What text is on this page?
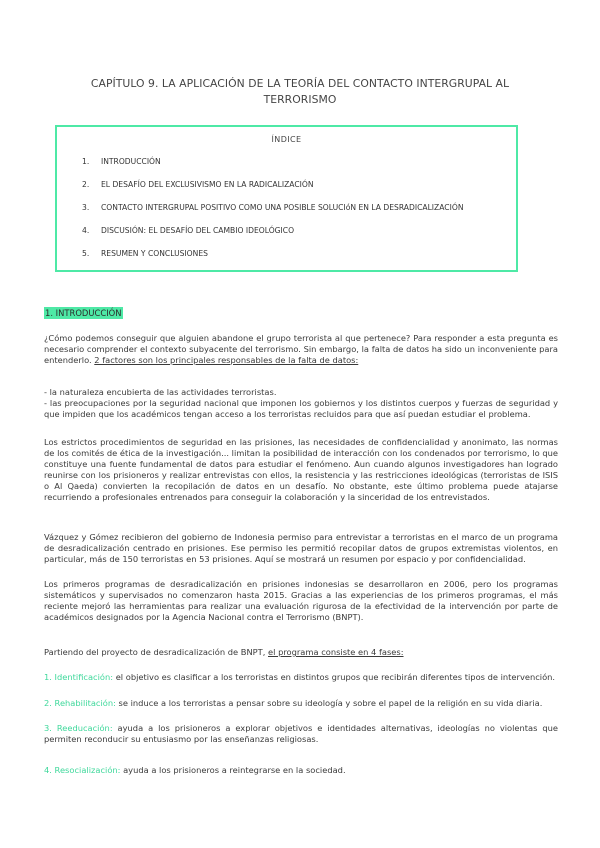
CAPÍTULO 9. LA APLICACIÓN DE LA TEORÍA DEL CONTACTO INTERGRUPAL AL TERRORISMO
ÍNDICE
1. INTRODUCCIÓN
2. EL DESAFÍO DEL EXCLUSIVISMO EN LA RADICALIZACIÓN
3. CONTACTO INTERGRUPAL POSITIVO COMO UNA POSIBLE SOLUCIóN EN LA DESRADICALIZACIÓN
4. DISCUSIÓN: EL DESAFÍO DEL CAMBIO IDEOLÓGICO
5. RESUMEN Y CONCLUSIONES
1. INTRODUCCIÓN

¿Cómo podemos conseguir que alguien abandone el grupo terrorista al que pertenece? Para responder a esta pregunta es necesario comprender el contexto subyacente del terrorismo. Sin embargo, la falta de datos ha sido un inconveniente para entenderlo. 2 factores son los principales responsables de la falta de datos:

- la naturaleza encubierta de las actividades terroristas.

- las preocupaciones por la seguridad nacional que imponen los gobiernos y los distintos cuerpos y fuerzas de seguridad y que impiden que los académicos tengan acceso a los terroristas recluidos para que así puedan estudiar el problema.

Los estrictos procedimientos de seguridad en las prisiones, las necesidades de confidencialidad y anonimato, las normas de los comités de ética de la investigación... limitan la posibilidad de interacción con los condenados por terrorismo, lo que constituye una fuente fundamental de datos para estudiar el fenómeno. Aun cuando algunos investigadores han logrado reunirse con los prisioneros y realizar entrevistas con ellos, la resistencia y las restricciones ideológicas (terroristas de ISIS o Al Qaeda) convierten la recopilación de datos en un desafío. No obstante, este último problema puede atajarse recurriendo a profesionales entrenados para conseguir la colaboración y la sinceridad de los entrevistados.

Vázquez y Gómez recibieron del gobierno de Indonesia permiso para entrevistar a terroristas en el marco de un programa de desradicalización centrado en prisiones. Ese permiso les permitió recopilar datos de grupos extremistas violentos, en particular, más de 150 terroristas en 53 prisiones. Aquí se mostrará un resumen por espacio y por confidencialidad.

Los primeros programas de desradicalización en prisiones indonesias se desarrollaron en 2006, pero los programas sistemáticos y supervisados no comenzaron hasta 2015. Gracias a las experiencias de los primeros programas, el más reciente mejoró las herramientas para realizar una evaluación rigurosa de la efectividad de la intervención por parte de académicos designados por la Agencia Nacional contra el Terrorismo (BNPT).

Partiendo del proyecto de desradicalización de BNPT, el programa consiste en 4 fases:

1. Identificación: el objetivo es clasificar a los terroristas en distintos grupos que recibirán diferentes tipos de intervención.

2. Rehabilitación: se induce a los terroristas a pensar sobre su ideología y sobre el papel de la religión en su vida diaria.

3. Reeducación: ayuda a los prisioneros a explorar objetivos e identidades alternativas, ideologías no violentas que permiten reconducir su entusiasmo por las enseñanzas religiosas.

4. Resocialización: ayuda a los prisioneros a reintegrarse en la sociedad.
